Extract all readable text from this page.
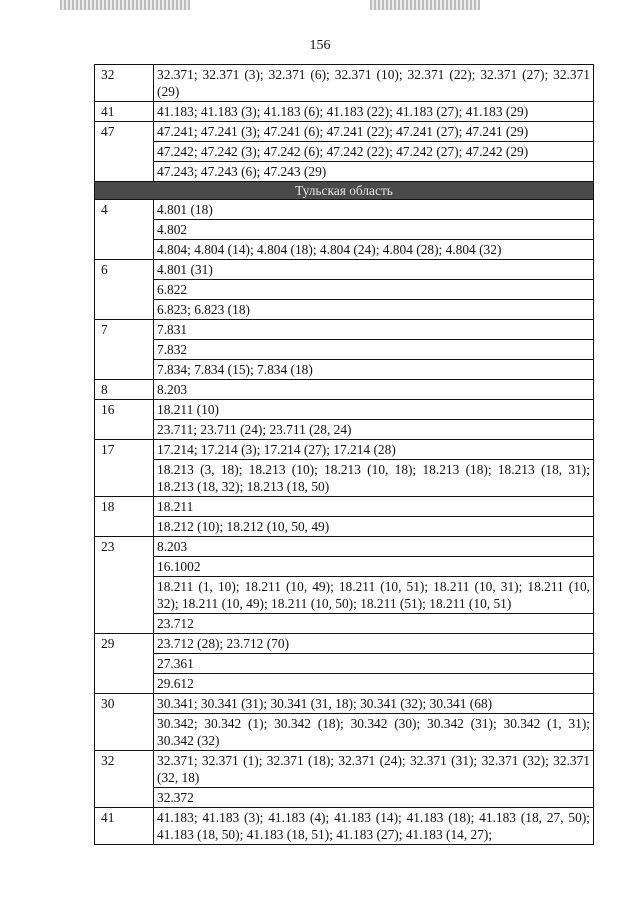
156
32	32.371; 32.371 (3); 32.371 (6); 32.371 (10); 32.371 (22); 32.371 (27); 32.371 (29)
41	41.183; 41.183 (3); 41.183 (6); 41.183 (22); 41.183 (27); 41.183 (29)
47	47.241; 47.241 (3); 47.241 (6); 47.241 (22); 47.241 (27); 47.241 (29)
	47.242; 47.242 (3); 47.242 (6); 47.242 (22); 47.242 (27); 47.242 (29)
	47.243; 47.243 (6); 47.243 (29)
Тульская область	
4	4.801 (18)
	4.802
	4.804; 4.804 (14); 4.804 (18); 4.804 (24); 4.804 (28); 4.804 (32)
6	4.801 (31)
	6.822
	6.823; 6.823 (18)
7	7.831
	7.832
	7.834; 7.834 (15); 7.834 (18)
8	8.203
16	18.211 (10)
	23.711; 23.711 (24); 23.711 (28, 24)
17	17.214; 17.214 (3); 17.214 (27); 17.214 (28)
	18.213 (3, 18); 18.213 (10); 18.213 (10, 18); 18.213 (18); 18.213 (18, 31); 18.213 (18, 32); 18.213 (18, 50)
18	18.211
	18.212 (10); 18.212 (10, 50, 49)
23	8.203
	16.1002
	18.211 (1, 10); 18.211 (10, 49); 18.211 (10, 51); 18.211 (10, 31); 18.211 (10, 32); 18.211 (10, 49); 18.211 (10, 50); 18.211 (51); 18.211 (10, 51)
	23.712
29	23.712 (28); 23.712 (70)
	27.361
	29.612
30	30.341; 30.341 (31); 30.341 (31, 18); 30.341 (32); 30.341 (68)
	30.342; 30.342 (1); 30.342 (18); 30.342 (30); 30.342 (31); 30.342 (1, 31); 30.342 (32)
32	32.371; 32.371 (1); 32.371 (18); 32.371 (24); 32.371 (31); 32.371 (32); 32.371 (32, 18)
	32.372
41	41.183; 41.183 (3); 41.183 (4); 41.183 (14); 41.183 (18); 41.183 (18, 27, 50); 41.183 (18, 50); 41.183 (18, 51); 41.183 (27); 41.183 (14, 27);
